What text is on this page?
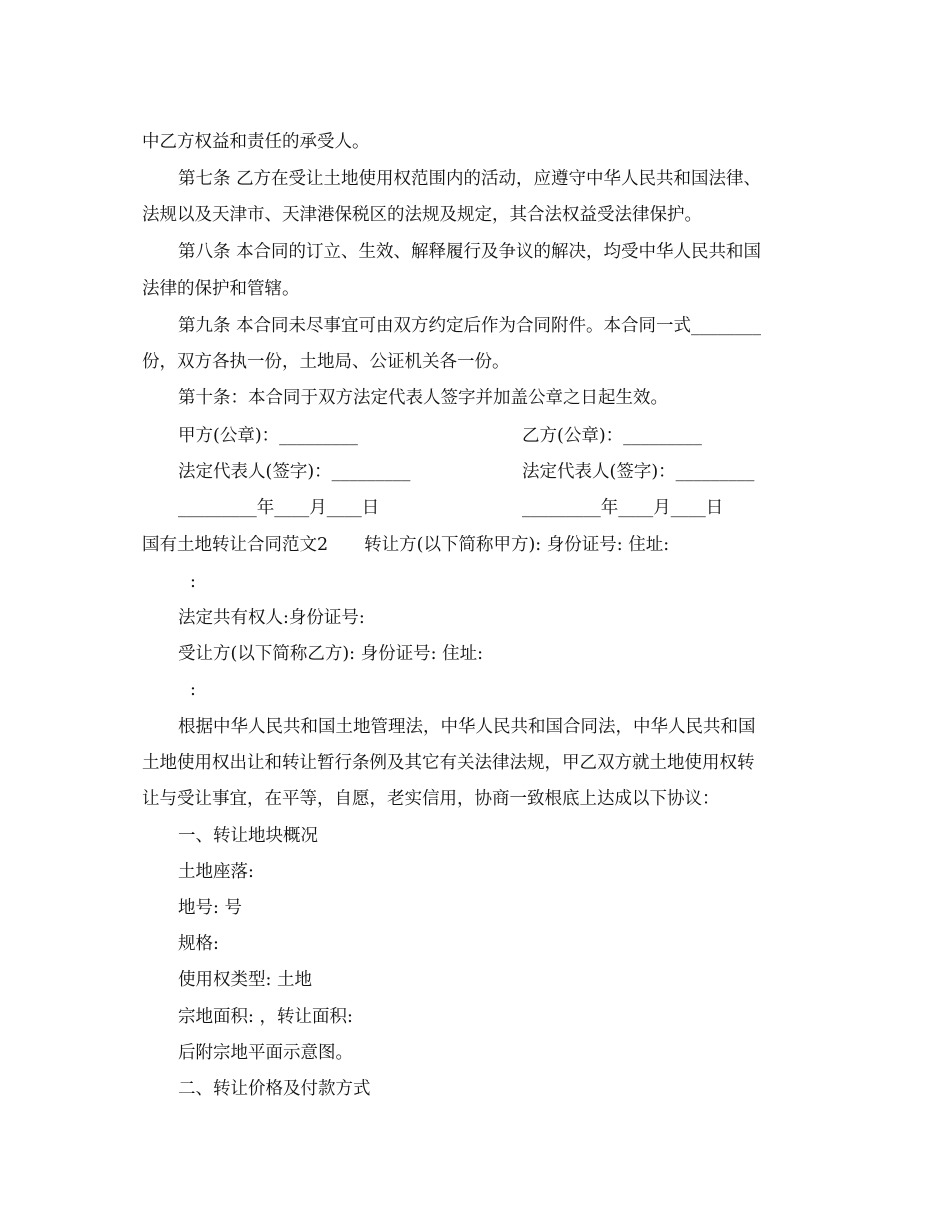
中乙方权益和责任的承受人。
第七条 乙方在受让土地使用权范围内的活动，应遵守中华人民共和国法律、
法规以及天津市、天津港保税区的法规及规定，其合法权益受法律保护。
第八条 本合同的订立、生效、解释履行及争议的解决，均受中华人民共和国
法律的保护和管辖。
第九条 本合同未尽事宜可由双方约定后作为合同附件。本合同一式________
份，双方各执一份，土地局、公证机关各一份。
第十条：本合同于双方法定代表人签字并加盖公章之日起生效。
甲方(公章)：_________	乙方(公章)：_________
法定代表人(签字)：_________	法定代表人(签字)：_________
_________年____月____日	_________年____月____日
国有土地转让合同范文2 转让方(以下简称甲方): 身份证号: 住址:
:
法定共有权人:身份证号:
受让方(以下简称乙方): 身份证号: 住址:
:
根据中华人民共和国土地管理法，中华人民共和国合同法，中华人民共和国
土地使用权出让和转让暂行条例及其它有关法律法规，甲乙双方就土地使用权转
让与受让事宜，在平等，自愿，老实信用，协商一致根底上达成以下协议：
一、转让地块概况
土地座落:
地号: 号
规格:
使用权类型: 土地
宗地面积: ，转让面积:
后附宗地平面示意图。
二、转让价格及付款方式
